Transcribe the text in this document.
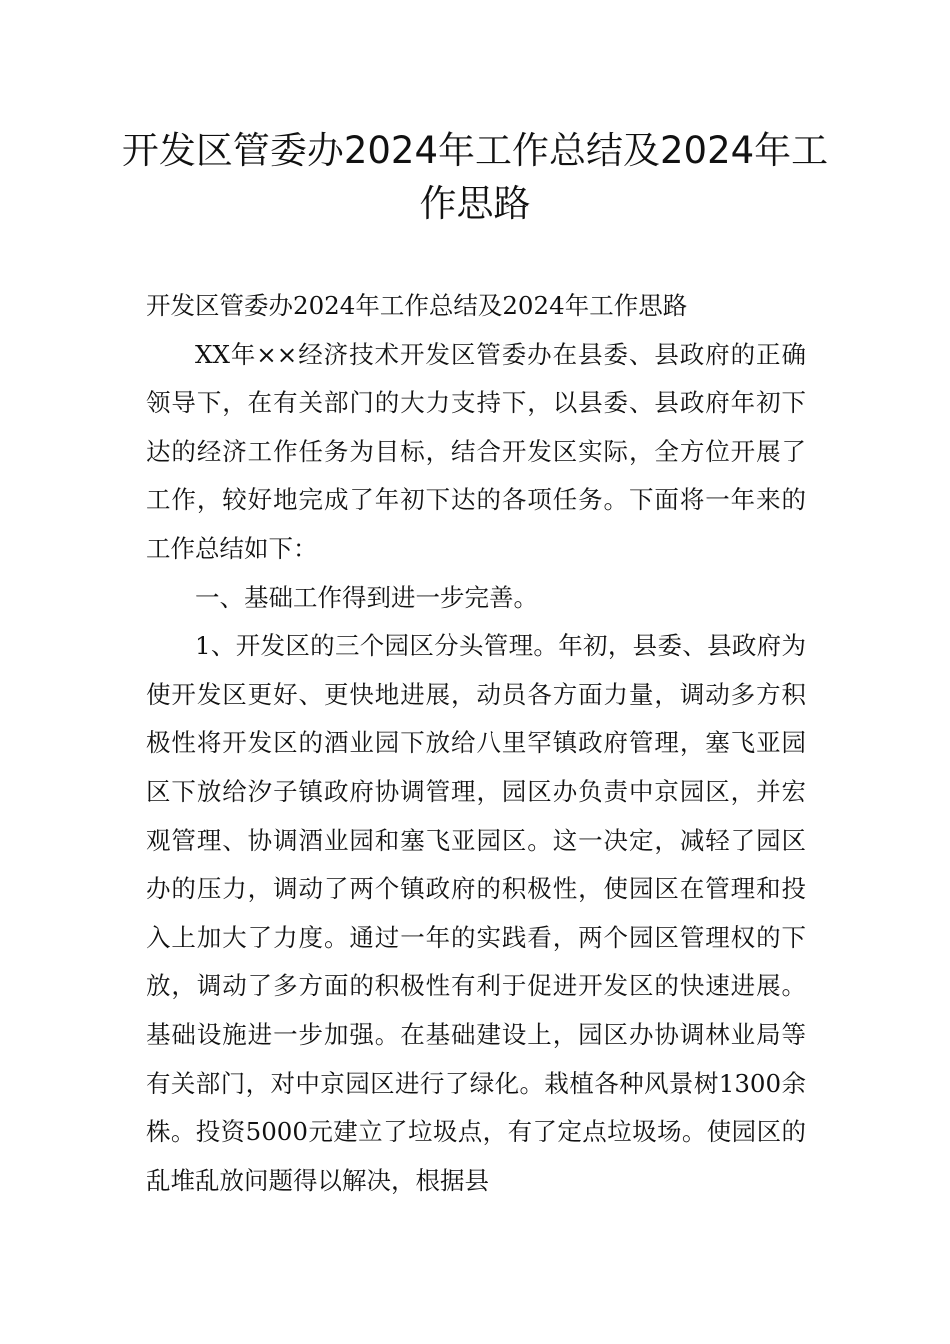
开发区管委办2024年工作总结及2024年工作思路

开发区管委办2024年工作总结及2024年工作思路

XX年××经济技术开发区管委办在县委、县政府的正确领导下，在有关部门的大力支持下，以县委、县政府年初下达的经济工作任务为目标，结合开发区实际，全方位开展了工作，较好地完成了年初下达的各项任务。下面将一年来的工作总结如下：

一、基础工作得到进一步完善。

1、开发区的三个园区分头管理。年初，县委、县政府为使开发区更好、更快地进展，动员各方面力量，调动多方积极性将开发区的酒业园下放给八里罕镇政府管理，塞飞亚园区下放给汐子镇政府协调管理，园区办负责中京园区，并宏观管理、协调酒业园和塞飞亚园区。这一决定，减轻了园区办的压力，调动了两个镇政府的积极性，使园区在管理和投入上加大了力度。通过一年的实践看，两个园区管理权的下放，调动了多方面的积极性有利于促进开发区的快速进展。基础设施进一步加强。在基础建设上，园区办协调林业局等有关部门，对中京园区进行了绿化。栽植各种风景树1300余株。投资5000元建立了垃圾点，有了定点垃圾场。使园区的乱堆乱放问题得以解决，根据县
